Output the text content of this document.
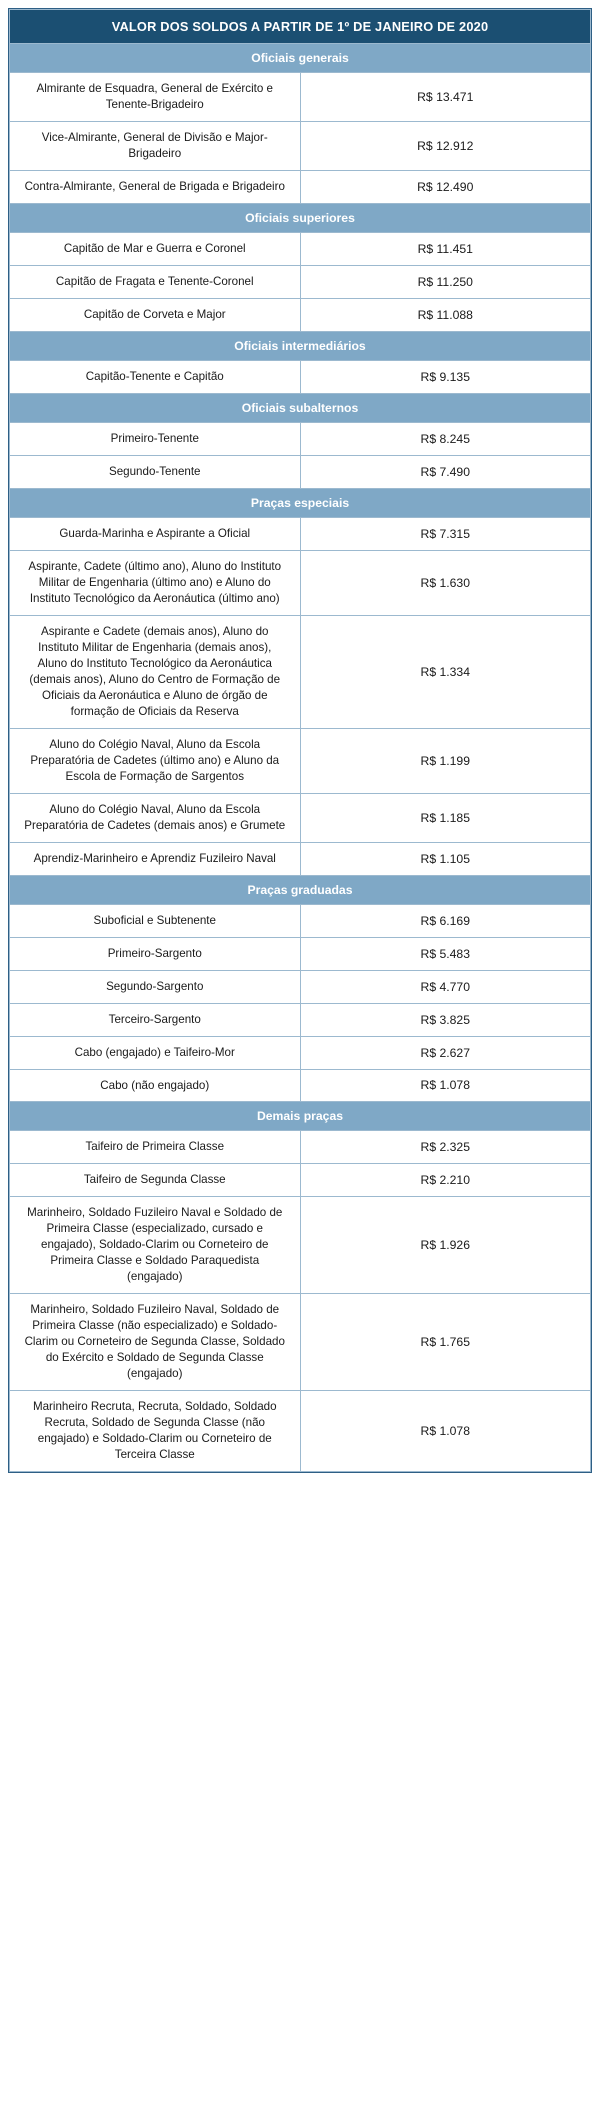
VALOR DOS SOLDOS A PARTIR DE 1º DE JANEIRO DE 2020	
Oficiais generais	
Almirante de Esquadra, General de Exército e Tenente-Brigadeiro	R$ 13.471
Vice-Almirante, General de Divisão e Major-Brigadeiro	R$ 12.912
Contra-Almirante, General de Brigada e Brigadeiro	R$ 12.490
Oficiais superiores	
Capitão de Mar e Guerra e Coronel	R$ 11.451
Capitão de Fragata e Tenente-Coronel	R$ 11.250
Capitão de Corveta e Major	R$ 11.088
Oficiais intermediários	
Capitão-Tenente e Capitão	R$ 9.135
Oficiais subalternos	
Primeiro-Tenente	R$ 8.245
Segundo-Tenente	R$ 7.490
Praças especiais	
Guarda-Marinha e Aspirante a Oficial	R$ 7.315
Aspirante, Cadete (último ano), Aluno do Instituto Militar de Engenharia (último ano) e Aluno do Instituto Tecnológico da Aeronáutica (último ano)	R$ 1.630
Aspirante e Cadete (demais anos), Aluno do Instituto Militar de Engenharia (demais anos), Aluno do Instituto Tecnológico da Aeronáutica (demais anos), Aluno do Centro de Formação de Oficiais da Aeronáutica e Aluno de órgão de formação de Oficiais da Reserva	R$ 1.334
Aluno do Colégio Naval, Aluno da Escola Preparatória de Cadetes (último ano) e Aluno da Escola de Formação de Sargentos	R$ 1.199
Aluno do Colégio Naval, Aluno da Escola Preparatória de Cadetes (demais anos) e Grumete	R$ 1.185
Aprendiz-Marinheiro e Aprendiz Fuzileiro Naval	R$ 1.105
Praças graduadas	
Suboficial e Subtenente	R$ 6.169
Primeiro-Sargento	R$ 5.483
Segundo-Sargento	R$ 4.770
Terceiro-Sargento	R$ 3.825
Cabo (engajado) e Taifeiro-Mor	R$ 2.627
Cabo (não engajado)	R$ 1.078
Demais praças	
Taifeiro de Primeira Classe	R$ 2.325
Taifeiro de Segunda Classe	R$ 2.210
Marinheiro, Soldado Fuzileiro Naval e Soldado de Primeira Classe (especializado, cursado e engajado), Soldado-Clarim ou Corneteiro de Primeira Classe e Soldado Paraquedista (engajado)	R$ 1.926
Marinheiro, Soldado Fuzileiro Naval, Soldado de Primeira Classe (não especializado) e Soldado-Clarim ou Corneteiro de Segunda Classe, Soldado do Exército e Soldado de Segunda Classe (engajado)	R$ 1.765
Marinheiro Recruta, Recruta, Soldado, Soldado Recruta, Soldado de Segunda Classe (não engajado) e Soldado-Clarim ou Corneteiro de Terceira Classe	R$ 1.078
